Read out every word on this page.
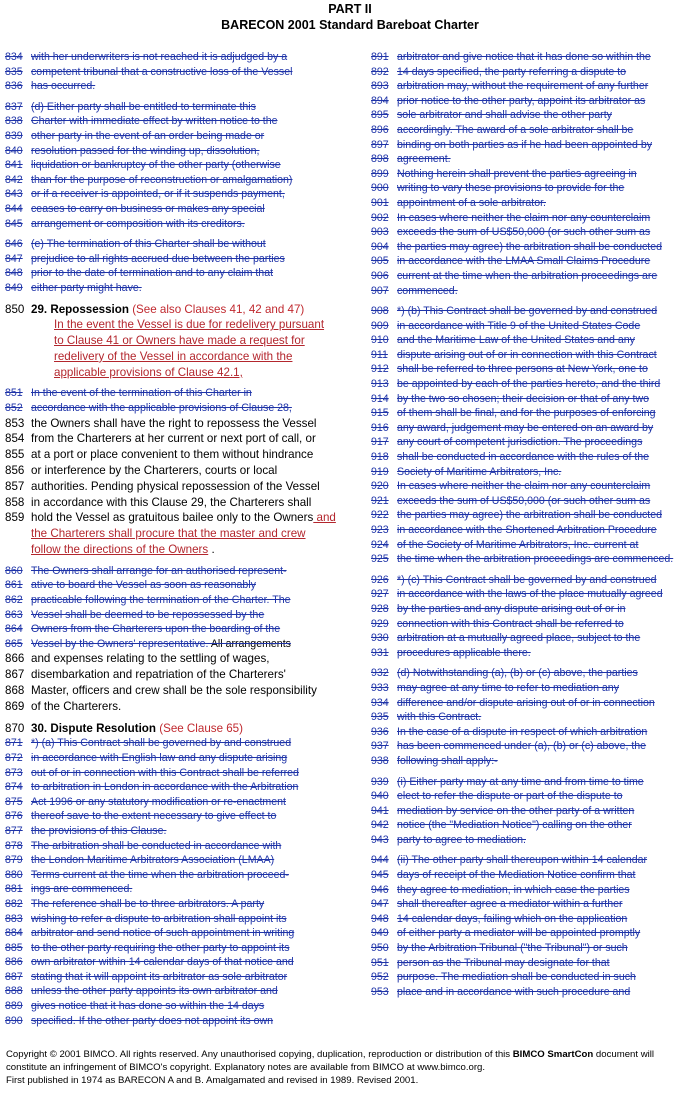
PART II
BARECON 2001 Standard Bareboat Charter
834 with her underwriters is not reached it is adjudged by a
835 competent tribunal that a constructive loss of the Vessel
836 has occurred.
837 (d) Either party shall be entitled to terminate this
838 Charter with immediate effect by written notice to the
839 other party in the event of an order being made or
840 resolution passed for the winding up, dissolution,
841 liquidation or bankruptcy of the other party (otherwise
842 than for the purpose of reconstruction or amalgamation)
843 or if a receiver is appointed, or if it suspends payment,
844 ceases to carry on business or makes any special
845 arrangement or composition with its creditors.
846 (e) The termination of this Charter shall be without
847 prejudice to all rights accrued due between the parties
848 prior to the date of termination and to any claim that
849 either party might have.
850 29. Repossession (See also Clauses 41, 42 and 47)
In the event the Vessel is due for redelivery pursuant
to Clause 41 or Owners have made a request for
redelivery of the Vessel in accordance with the
applicable provisions of Clause 42.1,
851 In the event of the termination of this Charter in
852 accordance with the applicable provisions of Clause 28,
853 the Owners shall have the right to repossess the Vessel
854 from the Charterers at her current or next port of call, or
855 at a port or place convenient to them without hindrance
856 or interference by the Charterers, courts or local
857 authorities. Pending physical repossession of the Vessel
858 in accordance with this Clause 29, the Charterers shall
859 hold the Vessel as gratuitous bailee only to the Owners and
the Charterers shall procure that the master and crew
follow the directions of the Owners .
860 The Owners shall arrange for an authorised represent-
861 ative to board the Vessel as soon as reasonably
862 practicable following the termination of the Charter. The
863 Vessel shall be deemed to be repossessed by the
864 Owners from the Charterers upon the boarding of the
865 Vessel by the Owners' representative. All arrangements
866 and expenses relating to the settling of wages,
867 disembarkation and repatriation of the Charterers'
868 Master, officers and crew shall be the sole responsibility
869 of the Charterers.
870 30. Dispute Resolution (See Clause 65)
871 *) (a) This Contract shall be governed by and construed
872 in accordance with English law and any dispute arising
873 out of or in connection with this Contract shall be referred
874 to arbitration in London in accordance with the Arbitration
875 Act 1996 or any statutory modification or re-enactment
876 thereof save to the extent necessary to give effect to
877 the provisions of this Clause.
878 The arbitration shall be conducted in accordance with
879 the London Maritime Arbitrators Association (LMAA)
880 Terms current at the time when the arbitration proceed-
881 ings are commenced.
882 The reference shall be to three arbitrators. A party
883 wishing to refer a dispute to arbitration shall appoint its
884 arbitrator and send notice of such appointment in writing
885 to the other party requiring the other party to appoint its
886 own arbitrator within 14 calendar days of that notice and
887 stating that it will appoint its arbitrator as sole arbitrator
888 unless the other party appoints its own arbitrator and
889 gives notice that it has done so within the 14 days
890 specified. If the other party does not appoint its own
891 arbitrator and give notice that it has done so within the
892 14 days specified, the party referring a dispute to
893 arbitration may, without the requirement of any further
894 prior notice to the other party, appoint its arbitrator as
895 sole arbitrator and shall advise the other party
896 accordingly. The award of a sole arbitrator shall be
897 binding on both parties as if he had been appointed by
898 agreement.
899 Nothing herein shall prevent the parties agreeing in
900 writing to vary these provisions to provide for the
901 appointment of a sole arbitrator.
902 In cases where neither the claim nor any counterclaim
903 exceeds the sum of US$50,000 (or such other sum as
904 the parties may agree) the arbitration shall be conducted
905 in accordance with the LMAA Small Claims Procedure
906 current at the time when the arbitration proceedings are
907 commenced.
908 *) (b) This Contract shall be governed by and construed
909 in accordance with Title 9 of the United States Code
910 and the Maritime Law of the United States and any
911 dispute arising out of or in connection with this Contract
912 shall be referred to three persons at New York, one to
913 be appointed by each of the parties hereto, and the third
914 by the two so chosen; their decision or that of any two
915 of them shall be final, and for the purposes of enforcing
916 any award, judgement may be entered on an award by
917 any court of competent jurisdiction. The proceedings
918 shall be conducted in accordance with the rules of the
919 Society of Maritime Arbitrators, Inc.
920 In cases where neither the claim nor any counterclaim
921 exceeds the sum of US$50,000 (or such other sum as
922 the parties may agree) the arbitration shall be conducted
923 in accordance with the Shortened Arbitration Procedure
924 of the Society of Maritime Arbitrators, Inc. current at
925 the time when the arbitration proceedings are commenced.
926 *) (c) This Contract shall be governed by and construed
927 in accordance with the laws of the place mutually agreed
928 by the parties and any dispute arising out of or in
929 connection with this Contract shall be referred to
930 arbitration at a mutually agreed place, subject to the
931 procedures applicable there.
932 (d) Notwithstanding (a), (b) or (c) above, the parties
933 may agree at any time to refer to mediation any
934 difference and/or dispute arising out of or in connection
935 with this Contract.
936 In the case of a dispute in respect of which arbitration
937 has been commenced under (a), (b) or (c) above, the
938 following shall apply:-
939 (i) Either party may at any time and from time to time
940 elect to refer the dispute or part of the dispute to
941 mediation by service on the other party of a written
942 notice (the "Mediation Notice") calling on the other
943 party to agree to mediation.
944 (ii) The other party shall thereupon within 14 calendar
945 days of receipt of the Mediation Notice confirm that
946 they agree to mediation, in which case the parties
947 shall thereafter agree a mediator within a further
948 14 calendar days, failing which on the application
949 of either party a mediator will be appointed promptly
950 by the Arbitration Tribunal ("the Tribunal") or such
951 person as the Tribunal may designate for that
952 purpose. The mediation shall be conducted in such
953 place and in accordance with such procedure and
Copyright © 2001 BIMCO. All rights reserved. Any unauthorised copying, duplication, reproduction or distribution of this BIMCO SmartCon document will constitute an infringement of BIMCO's copyright. Explanatory notes are available from BIMCO at www.bimco.org.
First published in 1974 as BARECON A and B. Amalgamated and revised in 1989. Revised 2001.
